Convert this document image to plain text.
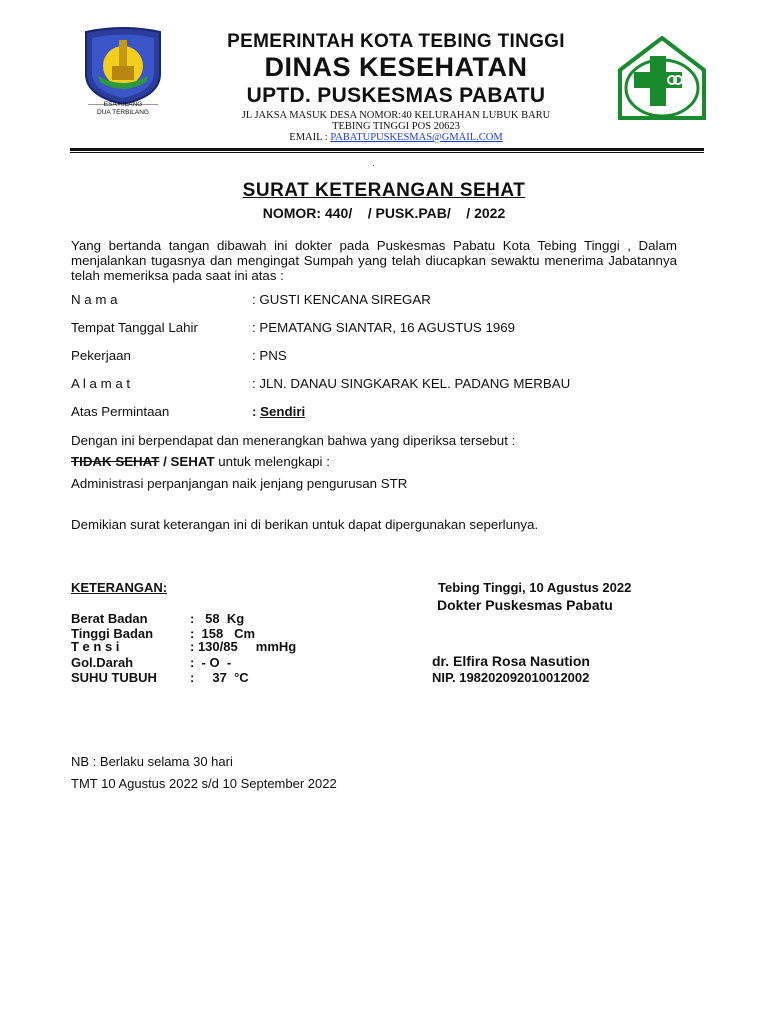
ESA HILANG
DUA TERBILANG
PEMERINTAH KOTA TEBING TINGGI
DINAS KESEHATAN
UPTD. PUSKESMAS PABATU
JL JAKSA MASUK DESA NOMOR:40 KELURAHAN LUBUK BARU
TEBING TINGGI POS 20623
EMAIL : PABATUPUSKESMAS@GMAIL.COM
.
SURAT KETERANGAN SEHAT
NOMOR: 440/    / PUSK.PAB/    / 2022
Yang bertanda tangan dibawah ini dokter pada Puskesmas Pabatu Kota Tebing Tinggi , Dalam menjalankan tugasnya dan mengingat Sumpah yang telah diucapkan sewaktu menerima Jabatannya telah memeriksa pada saat ini atas :
N a m a	: GUSTI KENCANA SIREGAR
Tempat Tanggal Lahir	: PEMATANG SIANTAR, 16 AGUSTUS 1969
Pekerjaan	: PNS
A l a m a t	: JLN. DANAU SINGKARAK KEL. PADANG MERBAU
Atas Permintaan	: Sendiri
Dengan ini berpendapat dan menerangkan bahwa yang diperiksa tersebut :
TIDAK SEHAT / SEHAT untuk melengkapi :
Administrasi perpanjangan naik jenjang pengurusan STR
Demikian surat keterangan ini di berikan untuk dapat dipergunakan seperlunya.
KETERANGAN:
Berat Badan	:   58  Kg
Tinggi Badan	:  158   Cm
T e n s i	: 130/85     mmHg
Gol.Darah	:  - O  -
SUHU TUBUH	:     37  °C
Tebing Tinggi, 10 Agustus 2022
Dokter Puskesmas Pabatu
dr. Elfira Rosa Nasution
NIP. 198202092010012002
NB : Berlaku selama 30 hari
TMT 10 Agustus 2022 s/d 10 September 2022
